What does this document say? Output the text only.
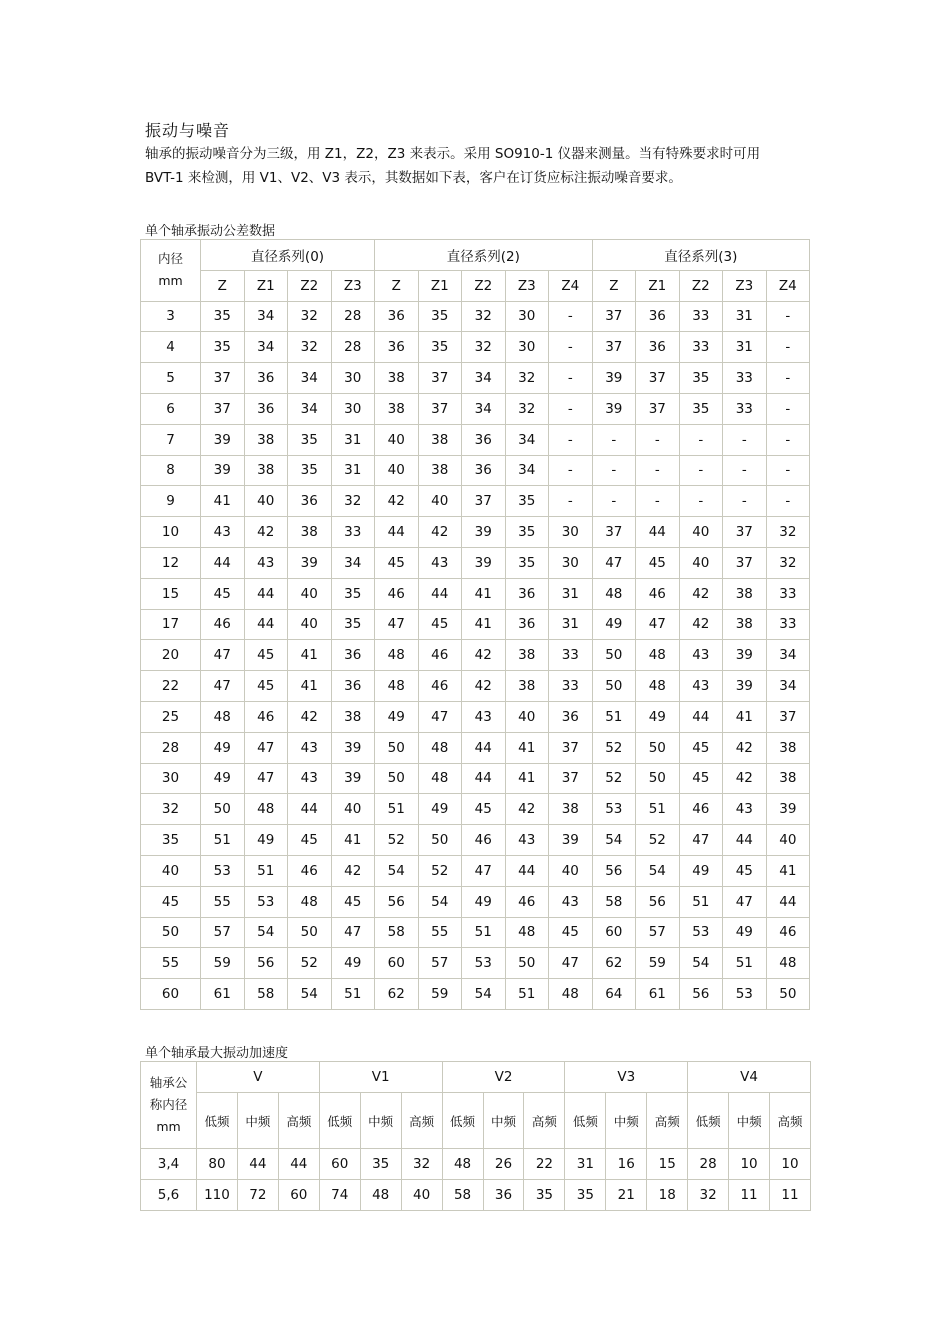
振动与噪音
轴承的振动噪音分为三级，用 Z1，Z2，Z3 来表示。采用 SO910-1 仪器来测量。当有特殊要求时可用
BVT-1 来检测，用 V1、V2、V3 表示，其数据如下表，客户在订货应标注振动噪音要求。
单个轴承振动公差数据
内径
mm	直径系列(0)				直径系列(2)					直径系列(3)				
	Z	Z1	Z2	Z3	Z	Z1	Z2	Z3	Z4	Z	Z1	Z2	Z3	Z4
3	35	34	32	28	36	35	32	30	-	37	36	33	31	-
4	35	34	32	28	36	35	32	30	-	37	36	33	31	-
5	37	36	34	30	38	37	34	32	-	39	37	35	33	-
6	37	36	34	30	38	37	34	32	-	39	37	35	33	-
7	39	38	35	31	40	38	36	34	-	-	-	-	-	-
8	39	38	35	31	40	38	36	34	-	-	-	-	-	-
9	41	40	36	32	42	40	37	35	-	-	-	-	-	-
10	43	42	38	33	44	42	39	35	30	37	44	40	37	32
12	44	43	39	34	45	43	39	35	30	47	45	40	37	32
15	45	44	40	35	46	44	41	36	31	48	46	42	38	33
17	46	44	40	35	47	45	41	36	31	49	47	42	38	33
20	47	45	41	36	48	46	42	38	33	50	48	43	39	34
22	47	45	41	36	48	46	42	38	33	50	48	43	39	34
25	48	46	42	38	49	47	43	40	36	51	49	44	41	37
28	49	47	43	39	50	48	44	41	37	52	50	45	42	38
30	49	47	43	39	50	48	44	41	37	52	50	45	42	38
32	50	48	44	40	51	49	45	42	38	53	51	46	43	39
35	51	49	45	41	52	50	46	43	39	54	52	47	44	40
40	53	51	46	42	54	52	47	44	40	56	54	49	45	41
45	55	53	48	45	56	54	49	46	43	58	56	51	47	44
50	57	54	50	47	58	55	51	48	45	60	57	53	49	46
55	59	56	52	49	60	57	53	50	47	62	59	54	51	48
60	61	58	54	51	62	59	54	51	48	64	61	56	53	50
单个轴承最大振动加速度
轴承公
称内径
mm	V			V1			V2			V3			V4		
	低频	中频	高频	低频	中频	高频	低频	中频	高频	低频	中频	高频	低频	中频	高频
3,4	80	44	44	60	35	32	48	26	22	31	16	15	28	10	10
5,6	110	72	60	74	48	40	58	36	35	35	21	18	32	11	11
